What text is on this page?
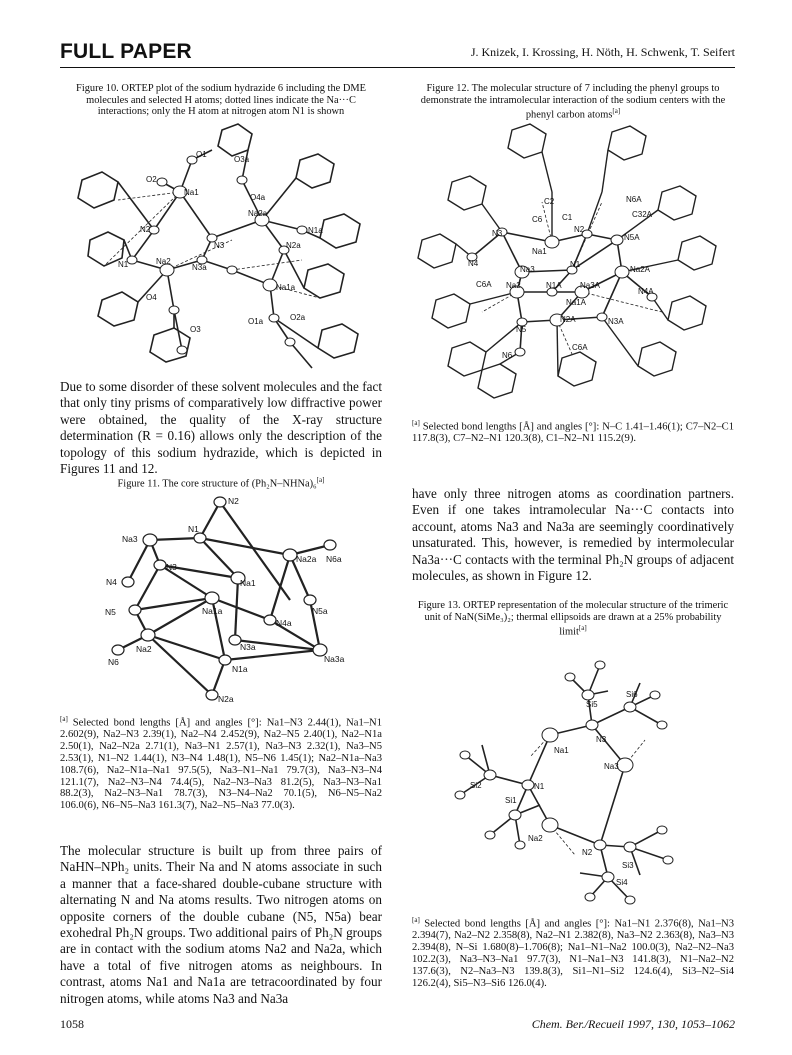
FULL PAPER	J. Knizek, I. Krossing, H. Nöth, H. Schwenk, T. Seifert
Figure 10. ORTEP plot of the sodium hydrazide 6 including the DME molecules and selected H atoms; dotted lines indicate the Na···C interactions; only the H atom at nitrogen atom N1 is shown
O1
O2
Na1
O3a
O4a
Na2a
N1a
N2
N2a
N1	Na2
N3a
N3
O4
Na1a
O1a	O2a
O3
Due to some disorder of these solvent molecules and the fact that only tiny prisms of comparatively low diffractive power were obtained, the quality of the X-ray structure determination (R = 0.16) allows only the description of the topology of this sodium hydrazide, which is depicted in Figures 11 and 12.
Figure 11. The core structure of (Ph₂N–NHNa)₆[a]
N2
N1
Na3
N6a
N3
Na2a
Na1
N4
N5a
N5	Na1a
N4a
N3a
Na2
Na3a
N6
N1a
N2a
[a] Selected bond lengths [Å] and angles [°]: Na1–N3 2.44(1), Na1–N1 2.602(9), Na2–N3 2.39(1), Na2–N4 2.452(9), Na2–N5 2.40(1), Na2–N1a 2.50(1), Na2–N2a 2.71(1), Na3–N1 2.57(1), Na3–N3 2.32(1), Na3–N5 2.53(1), N1–N2 1.44(1), N3–N4 1.48(1), N5–N6 1.45(1); Na2–N1a–Na3 108.7(6), Na2–N1a–Na1 97.5(5), Na3–N1–Na1 79.7(3), Na3–N3–N4 121.1(7), Na2–N3–N4 74.4(5), Na2–N3–Na3 81.2(5), Na3–N3–Na1 88.2(3), Na2–N3–Na1 78.7(3), N3–N4–Na2 70.1(5), N6–N5–Na2 106.0(6), N6–N5–Na3 161.3(7), Na2–N5–Na3 77.0(3).
The molecular structure is built up from three pairs of NaHN–NPh₂ units. Their Na and N atoms associate in such a manner that a face-shared double-cubane structure with alternating N and Na atoms results. Two nitrogen atoms on opposite corners of the double cubane (N5, N5a) bear exohedral Ph₂N groups. Two additional pairs of Ph₂N groups are in contact with the sodium atoms Na2 and Na2a, which have a total of five nitrogen atoms as neighbours. In contrast, atoms Na1 and Na1a are tetracoordinated by four nitrogen atoms, while atoms Na3 and Na3a
Figure 12. The molecular structure of 7 including the phenyl groups to demonstrate the intramolecular interaction of the sodium centers with the phenyl carbon atoms[a]
C2	N6A
C1	C32A
C6
N2
N5A
N3
Na1
N4
Na3
N1
Na2A
C6A Na2	N1A Na3A
N4A
Na1A
N5
N2A	N3A
N6
C6A
[a] Selected bond lengths [Å] and angles [°]: N–C 1.41–1.46(1); C7–N2–C1 117.8(3), C7–N2–N1 120.3(8), C1–N2–N1 115.2(9).
have only three nitrogen atoms as coordination partners. Even if one takes intramolecular Na···C contacts into account, atoms Na3 and Na3a are seemingly coordinatively unsaturated. This, however, is remedied by intermolecular Na3a···C contacts with the terminal Ph₂N groups of adjacent molecules, as shown in Figure 12.
Figure 13. ORTEP representation of the molecular structure of the trimeric unit of NaN(SiMe₃)₂; thermal ellipsoids are drawn at a 25% probability limit[a]
Si6
Si5
N3
Na1
Na3
Si2	N1
Si1
Na2
N2
Si3
Si4
[a] Selected bond lengths [Å] and angles [°]: Na1–N1 2.376(8), Na1–N3 2.394(7), Na2–N2 2.358(8), Na2–N1 2.382(8), Na3–N2 2.363(8), Na3–N3 2.394(8), N–Si 1.680(8)–1.706(8); Na1–N1–Na2 100.0(3), Na2–N2–Na3 102.2(3), Na3–N3–Na1 97.7(3), N1–Na1–N3 141.8(3), N1–Na2–N2 137.6(3), N2–Na3–N3 139.8(3), Si1–N1–Si2 124.6(4), Si3–N2–Si4 126.2(4), Si5–N3–Si6 126.0(4).
1058	Chem. Ber./Recueil 1997, 130, 1053–1062
